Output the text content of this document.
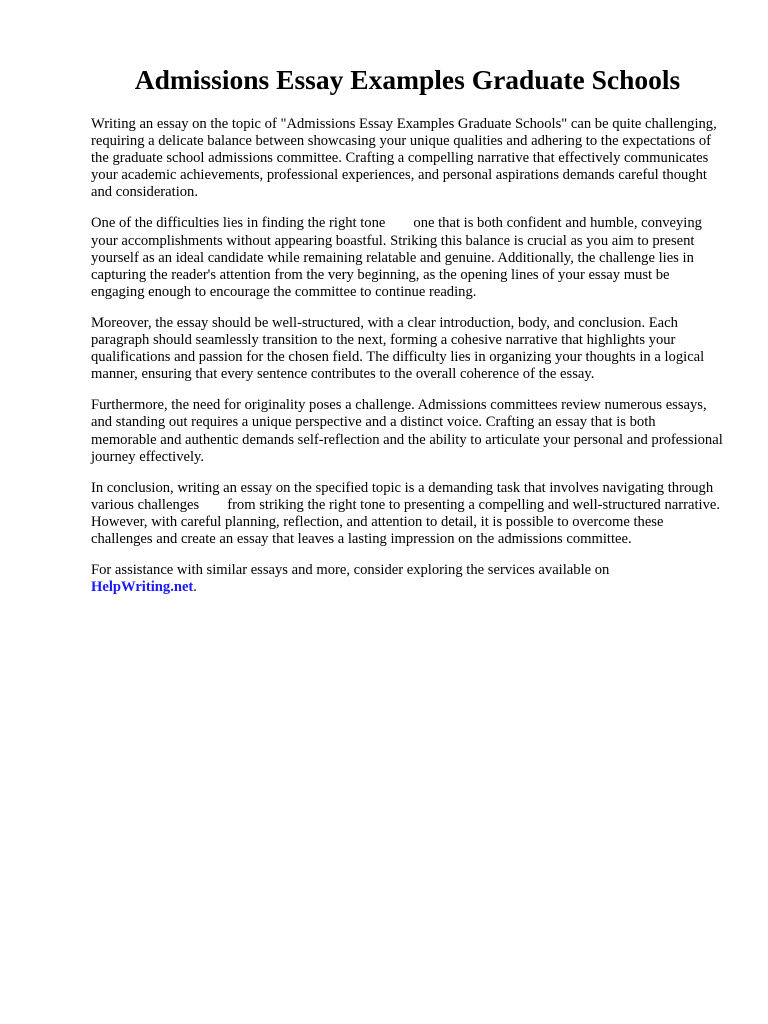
Admissions Essay Examples Graduate Schools

Writing an essay on the topic of "Admissions Essay Examples Graduate Schools" can be quite challenging, requiring a delicate balance between showcasing your unique qualities and adhering to the expectations of the graduate school admissions committee. Crafting a compelling narrative that effectively communicates your academic achievements, professional experiences, and personal aspirations demands careful thought and consideration.

One of the difficulties lies in finding the right tone one that is both confident and humble, conveying your accomplishments without appearing boastful. Striking this balance is crucial as you aim to present yourself as an ideal candidate while remaining relatable and genuine. Additionally, the challenge lies in capturing the reader's attention from the very beginning, as the opening lines of your essay must be engaging enough to encourage the committee to continue reading.

Moreover, the essay should be well-structured, with a clear introduction, body, and conclusion. Each paragraph should seamlessly transition to the next, forming a cohesive narrative that highlights your qualifications and passion for the chosen field. The difficulty lies in organizing your thoughts in a logical manner, ensuring that every sentence contributes to the overall coherence of the essay.

Furthermore, the need for originality poses a challenge. Admissions committees review numerous essays, and standing out requires a unique perspective and a distinct voice. Crafting an essay that is both memorable and authentic demands self-reflection and the ability to articulate your personal and professional journey effectively.

In conclusion, writing an essay on the specified topic is a demanding task that involves navigating through various challenges from striking the right tone to presenting a compelling and well-structured narrative. However, with careful planning, reflection, and attention to detail, it is possible to overcome these challenges and create an essay that leaves a lasting impression on the admissions committee.

For assistance with similar essays and more, consider exploring the services available on
HelpWriting.net.
